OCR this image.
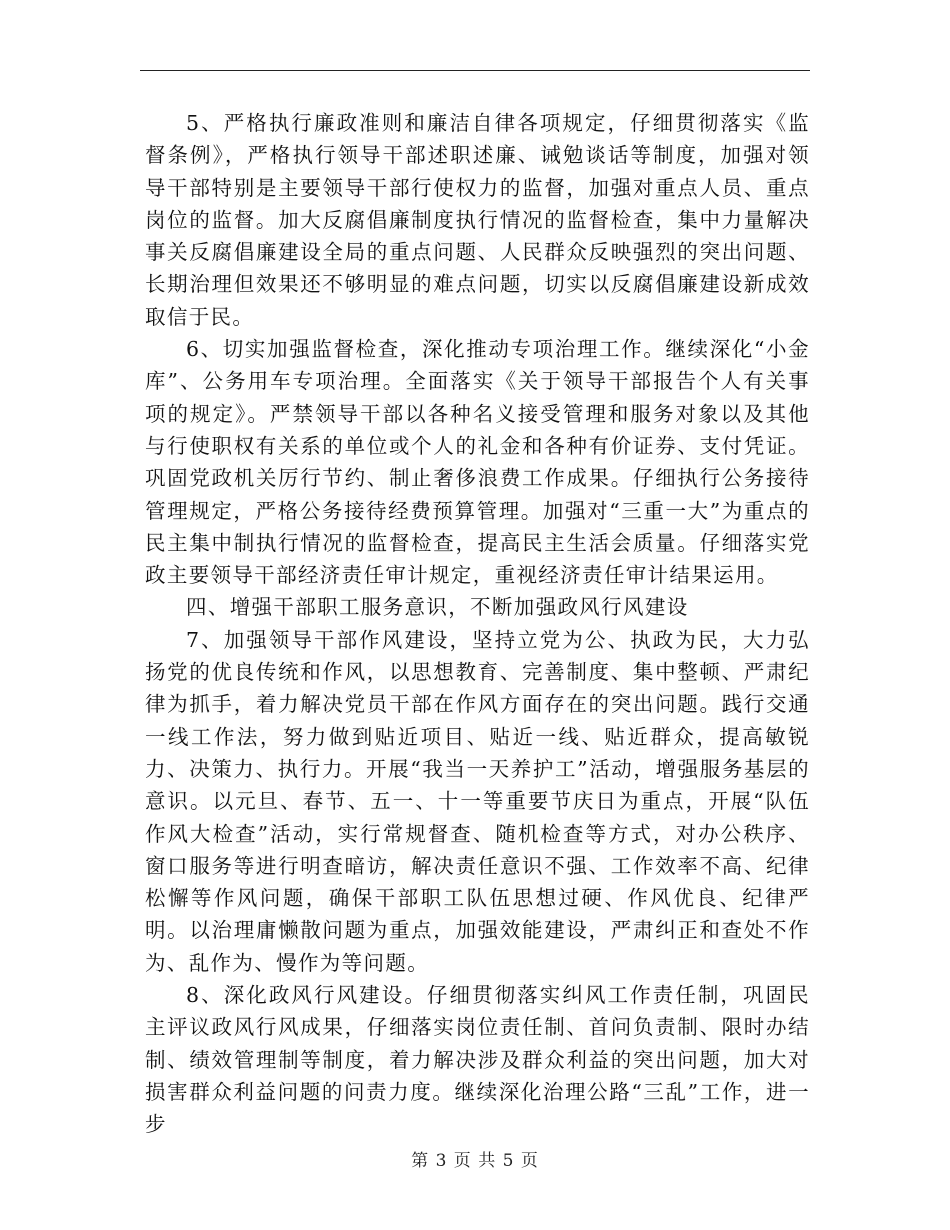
5、严格执行廉政准则和廉洁自律各项规定，仔细贯彻落实《监督条例》，严格执行领导干部述职述廉、诫勉谈话等制度，加强对领导干部特别是主要领导干部行使权力的监督，加强对重点人员、重点岗位的监督。加大反腐倡廉制度执行情况的监督检查，集中力量解决事关反腐倡廉建设全局的重点问题、人民群众反映强烈的突出问题、长期治理但效果还不够明显的难点问题，切实以反腐倡廉建设新成效取信于民。

6、切实加强监督检查，深化推动专项治理工作。继续深化“小金库”、公务用车专项治理。全面落实《关于领导干部报告个人有关事项的规定》。严禁领导干部以各种名义接受管理和服务对象以及其他与行使职权有关系的单位或个人的礼金和各种有价证券、支付凭证。巩固党政机关厉行节约、制止奢侈浪费工作成果。仔细执行公务接待管理规定，严格公务接待经费预算管理。加强对“三重一大”为重点的民主集中制执行情况的监督检查，提高民主生活会质量。仔细落实党政主要领导干部经济责任审计规定，重视经济责任审计结果运用。

四、增强干部职工服务意识，不断加强政风行风建设

7、加强领导干部作风建设，坚持立党为公、执政为民，大力弘扬党的优良传统和作风，以思想教育、完善制度、集中整顿、严肃纪律为抓手，着力解决党员干部在作风方面存在的突出问题。践行交通一线工作法，努力做到贴近项目、贴近一线、贴近群众，提高敏锐力、决策力、执行力。开展“我当一天养护工”活动，增强服务基层的意识。以元旦、春节、五一、十一等重要节庆日为重点，开展“队伍作风大检查”活动，实行常规督查、随机检查等方式，对办公秩序、窗口服务等进行明查暗访，解决责任意识不强、工作效率不高、纪律松懈等作风问题，确保干部职工队伍思想过硬、作风优良、纪律严明。以治理庸懒散问题为重点，加强效能建设，严肃纠正和查处不作为、乱作为、慢作为等问题。

8、深化政风行风建设。仔细贯彻落实纠风工作责任制，巩固民主评议政风行风成果，仔细落实岗位责任制、首问负责制、限时办结制、绩效管理制等制度，着力解决涉及群众利益的突出问题，加大对损害群众利益问题的问责力度。继续深化治理公路“三乱”工作，进一步

第 3 页 共 5 页
